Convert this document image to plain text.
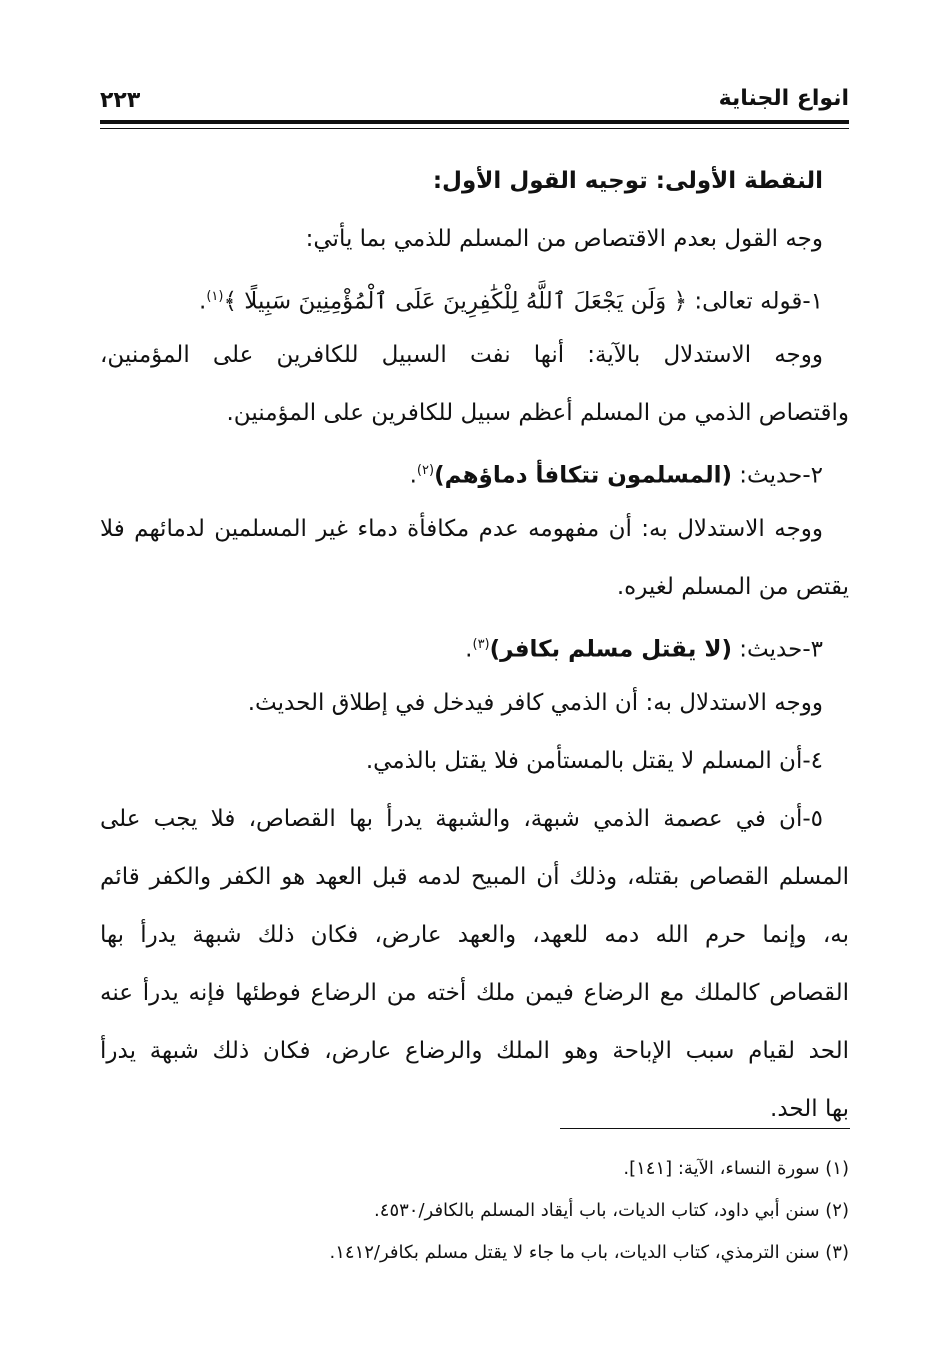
انواع الجناية
٢٢٣
النقطة الأولى: توجيه القول الأول:
وجه القول بعدم الاقتصاص من المسلم للذمي بما يأتي:
١-قوله تعالى: ﴿ وَلَن يَجْعَلَ ٱللَّهُ لِلْكَٰفِرِينَ عَلَى ٱلْمُؤْمِنِينَ سَبِيلًا ﴾$^{(١)}$.
ووجه الاستدلال بالآية: أنها نفت السبيل للكافرين على المؤمنين،
واقتصاص الذمي من المسلم أعظم سبيل للكافرين على المؤمنين.
٢-حديث: (المسلمون تتكافأ دماؤهم)$^{(٢)}$.
ووجه الاستدلال به: أن مفهومه عدم مكافأة دماء غير المسلمين لدمائهم فلا
يقتص من المسلم لغيره.
٣-حديث: (لا يقتل مسلم بكافر)$^{(٣)}$.
ووجه الاستدلال به: أن الذمي كافر فيدخل في إطلاق الحديث.
٤-أن المسلم لا يقتل بالمستأمن فلا يقتل بالذمي.
٥-أن في عصمة الذمي شبهة، والشبهة يدرأ بها القصاص، فلا يجب على
المسلم القصاص بقتله، وذلك أن المبيح لدمه قبل العهد هو الكفر والكفر قائم
به، وإنما حرم الله دمه للعهد، والعهد عارض، فكان ذلك شبهة يدرأ بها
القصاص كالملك مع الرضاع فيمن ملك أخته من الرضاع فوطئها فإنه يدرأ عنه
الحد لقيام سبب الإباحة وهو الملك والرضاع عارض، فكان ذلك شبهة يدرأ
بها الحد.
(١) سورة النساء، الآية: [١٤١].
(٢) سنن أبي داود، كتاب الديات، باب أيقاد المسلم بالكافر/٤٥٣٠.
(٣) سنن الترمذي، كتاب الديات، باب ما جاء لا يقتل مسلم بكافر/١٤١٢.
